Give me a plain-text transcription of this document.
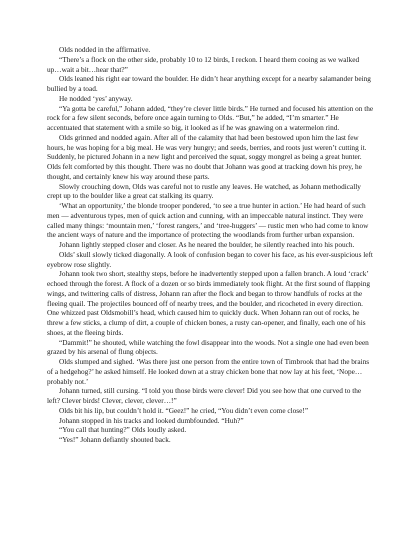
Olds nodded in the affirmative.

“There’s a flock on the other side, probably 10 to 12 birds, I reckon. I heard them cooing as we walked up…wait a bit…hear that?”

Olds leaned his right ear toward the boulder. He didn’t hear anything except for a nearby salamander being bullied by a toad.

He nodded ‘yes’ anyway.

“Ya gotta be careful,” Johann added, “they’re clever little birds.” He turned and focused his attention on the rock for a few silent seconds, before once again turning to Olds. “But,” he added, “I’m smarter.” He accentuated that statement with a smile so big, it looked as if he was gnawing on a watermelon rind.

Olds grinned and nodded again. After all of the calamity that had been bestowed upon him the last few hours, he was hoping for a big meal. He was very hungry; and seeds, berries, and roots just weren’t cutting it. Suddenly, he pictured Johann in a new light and perceived the squat, soggy mongrel as being a great hunter. Olds felt comforted by this thought. There was no doubt that Johann was good at tracking down his prey, he thought, and certainly knew his way around these parts.

Slowly crouching down, Olds was careful not to rustle any leaves. He watched, as Johann methodically crept up to the boulder like a great cat stalking its quarry.

‘What an opportunity,’ the blonde trooper pondered, ‘to see a true hunter in action.’ He had heard of such men — adventurous types, men of quick action and cunning, with an impeccable natural instinct. They were called many things: ‘mountain men,’ ‘forest rangers,’ and ‘tree-huggers’ — rustic men who had come to know the ancient ways of nature and the importance of protecting the woodlands from further urban expansion.

Johann lightly stepped closer and closer. As he neared the boulder, he silently reached into his pouch.

Olds’ skull slowly ticked diagonally. A look of confusion began to cover his face, as his ever-suspicious left eyebrow rose slightly.

Johann took two short, stealthy steps, before he inadvertently stepped upon a fallen branch. A loud ‘crack’ echoed through the forest. A flock of a dozen or so birds immediately took flight. At the first sound of flapping wings, and twittering calls of distress, Johann ran after the flock and began to throw handfuls of rocks at the fleeing quail. The projectiles bounced off of nearby trees, and the boulder, and ricocheted in every direction. One whizzed past Oldsmobill’s head, which caused him to quickly duck. When Johann ran out of rocks, he threw a few sticks, a clump of dirt, a couple of chicken bones, a rusty can-opener, and finally, each one of his shoes, at the fleeing birds.

“Dammit!” he shouted, while watching the fowl disappear into the woods. Not a single one had even been grazed by his arsenal of flung objects.

Olds slumped and sighed. ‘Was there just one person from the entire town of Timbrook that had the brains of a hedgehog?’ he asked himself. He looked down at a stray chicken bone that now lay at his feet, ‘Nope…probably not.’

Johann turned, still cursing. “I told you those birds were clever! Did you see how that one curved to the left? Clever birds! Clever, clever, clever…!”

Olds bit his lip, but couldn’t hold it. “Geez!” he cried, “You didn’t even come close!”

Johann stopped in his tracks and looked dumbfounded. “Huh?”

“You call that hunting?” Olds loudly asked.

“Yes!” Johann defiantly shouted back.
